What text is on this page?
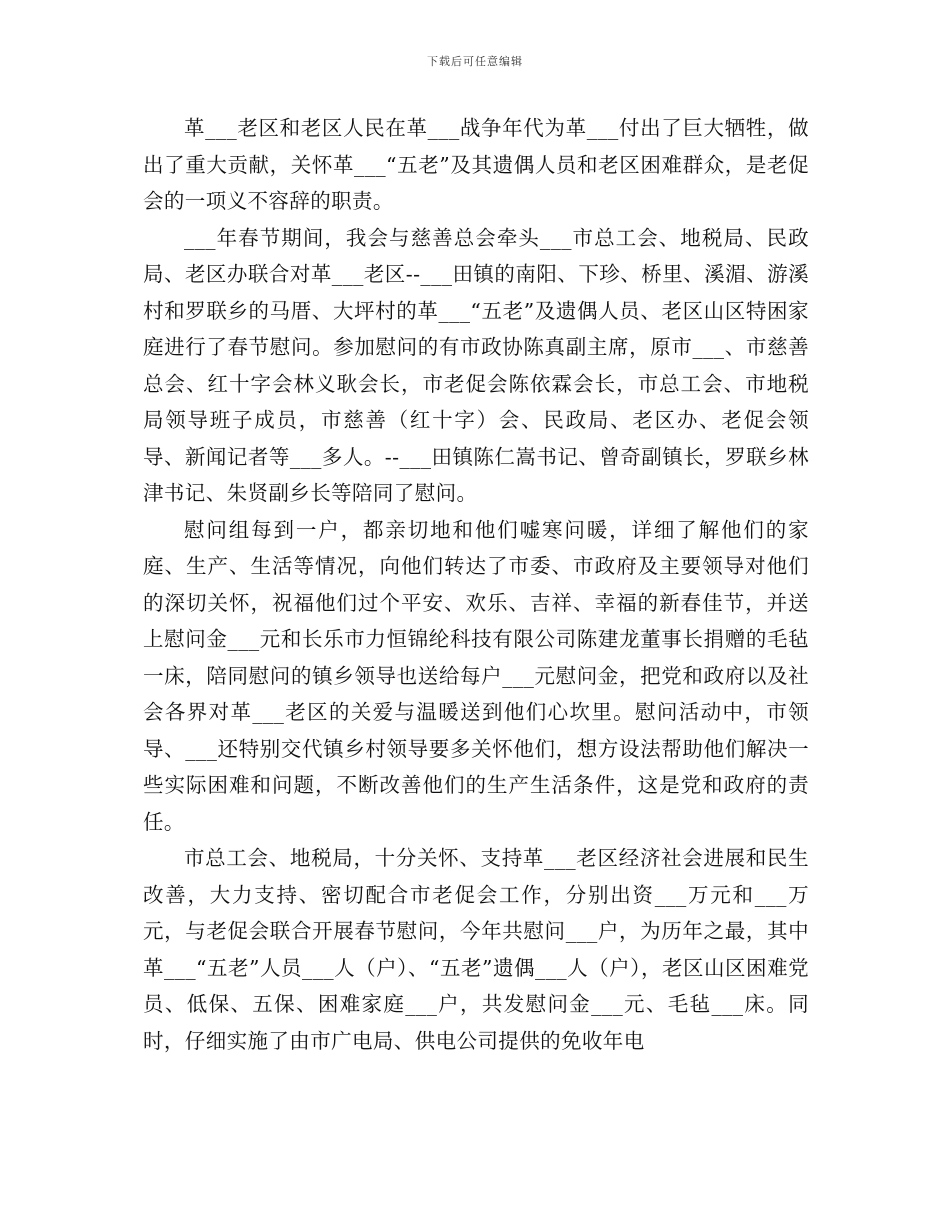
下载后可任意编辑

革___老区和老区人民在革___战争年代为革___付出了巨大牺牲，做出了重大贡献，关怀革___“五老”及其遗偶人员和老区困难群众，是老促会的一项义不容辞的职责。

___年春节期间，我会与慈善总会牵头___市总工会、地税局、民政局、老区办联合对革___老区--___田镇的南阳、下珍、桥里、溪湄、游溪村和罗联乡的马厝、大坪村的革___“五老”及遗偶人员、老区山区特困家庭进行了春节慰问。参加慰问的有市政协陈真副主席，原市___、市慈善总会、红十字会林义耿会长，市老促会陈依霖会长，市总工会、市地税局领导班子成员，市慈善（红十字）会、民政局、老区办、老促会领导、新闻记者等___多人。--___田镇陈仁嵩书记、曾奇副镇长，罗联乡林津书记、朱贤副乡长等陪同了慰问。

慰问组每到一户，都亲切地和他们嘘寒问暖，详细了解他们的家庭、生产、生活等情况，向他们转达了市委、市政府及主要领导对他们的深切关怀，祝福他们过个平安、欢乐、吉祥、幸福的新春佳节，并送上慰问金___元和长乐市力恒锦纶科技有限公司陈建龙董事长捐赠的毛毡一床，陪同慰问的镇乡领导也送给每户___元慰问金，把党和政府以及社会各界对革___老区的关爱与温暖送到他们心坎里。慰问活动中，市领导、___还特别交代镇乡村领导要多关怀他们，想方设法帮助他们解决一些实际困难和问题，不断改善他们的生产生活条件，这是党和政府的责任。

市总工会、地税局，十分关怀、支持革___老区经济社会进展和民生改善，大力支持、密切配合市老促会工作，分别出资___万元和___万元，与老促会联合开展春节慰问，今年共慰问___户，为历年之最，其中革___“五老”人员___人（户）、“五老”遗偶___人（户），老区山区困难党员、低保、五保、困难家庭___户，共发慰问金___元、毛毡___床。同时，仔细实施了由市广电局、供电公司提供的免收年电
